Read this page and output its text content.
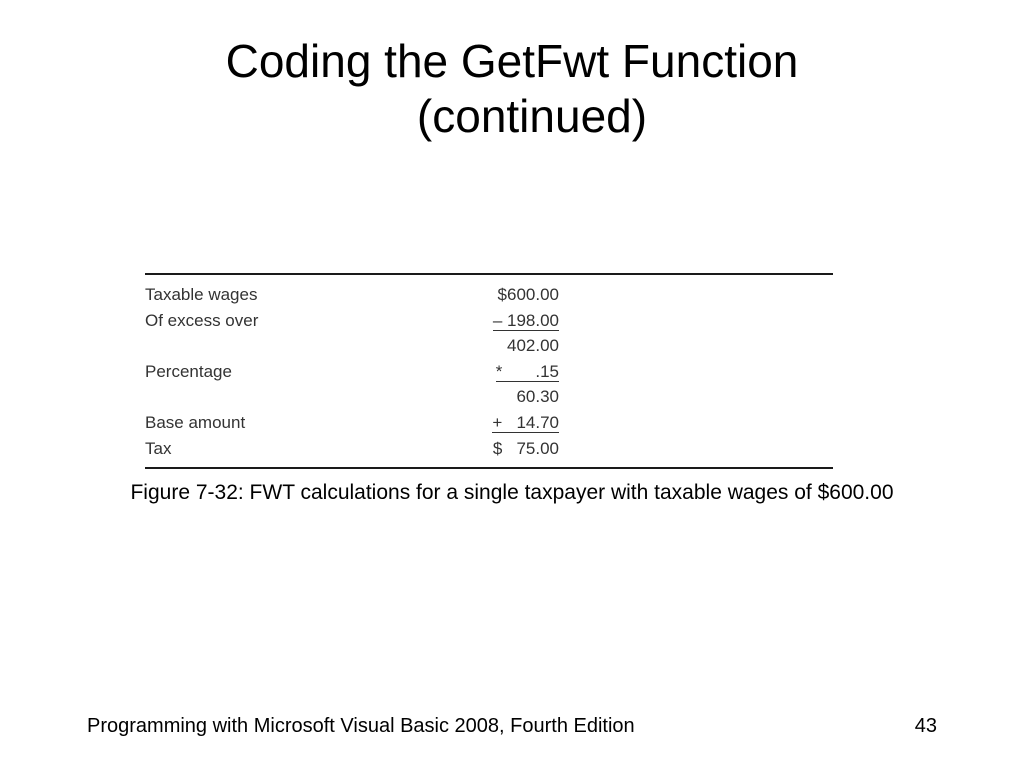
Coding the GetFwt Function
(continued)
Taxable wages	$600.00
Of excess over	– 198.00
402.00
Percentage	*       .15
60.30
Base amount	+   14.70
Tax	$   75.00
Figure 7-32: FWT calculations for a single taxpayer with taxable wages of $600.00
Programming with Microsoft Visual Basic 2008, Fourth Edition	43
